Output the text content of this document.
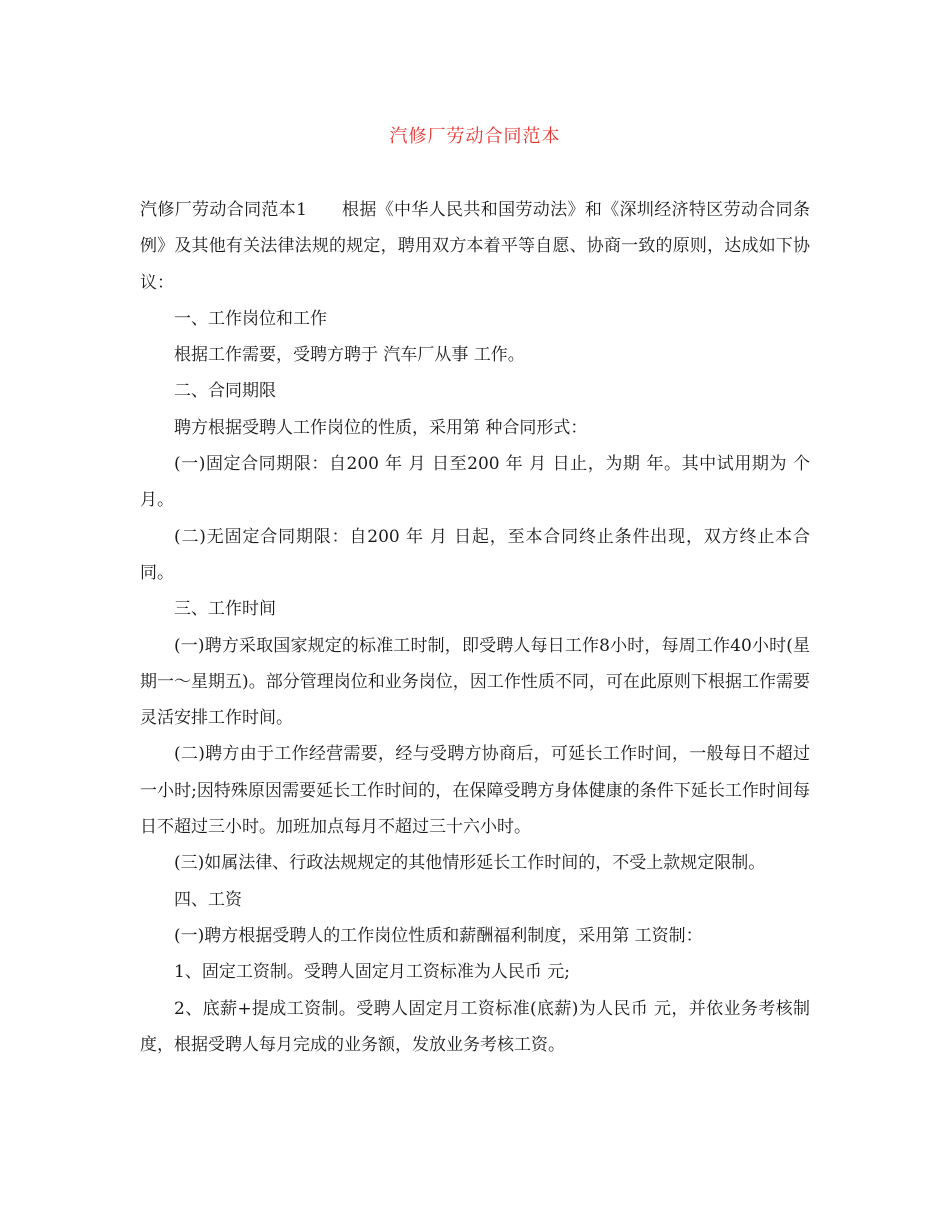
汽修厂劳动合同范本

汽修厂劳动合同范本1　　根据《中华人民共和国劳动法》和《深圳经济特区劳动合同条例》及其他有关法律法规的规定，聘用双方本着平等自愿、协商一致的原则，达成如下协议：

一、工作岗位和工作

根据工作需要，受聘方聘于 汽车厂从事 工作。

二、合同期限

聘方根据受聘人工作岗位的性质，采用第 种合同形式：

(一)固定合同期限：自200 年 月 日至200 年 月 日止，为期 年。其中试用期为 个月。

(二)无固定合同期限：自200 年 月 日起，至本合同终止条件出现，双方终止本合同。

三、工作时间

(一)聘方采取国家规定的标准工时制，即受聘人每日工作8小时，每周工作40小时(星期一～星期五)。部分管理岗位和业务岗位，因工作性质不同，可在此原则下根据工作需要灵活安排工作时间。

(二)聘方由于工作经营需要，经与受聘方协商后，可延长工作时间，一般每日不超过一小时;因特殊原因需要延长工作时间的，在保障受聘方身体健康的条件下延长工作时间每日不超过三小时。加班加点每月不超过三十六小时。

(三)如属法律、行政法规规定的其他情形延长工作时间的，不受上款规定限制。

四、工资

(一)聘方根据受聘人的工作岗位性质和薪酬福利制度，采用第 工资制：

1、固定工资制。受聘人固定月工资标准为人民币 元;

2、底薪+提成工资制。受聘人固定月工资标准(底薪)为人民币 元，并依业务考核制度，根据受聘人每月完成的业务额，发放业务考核工资。
